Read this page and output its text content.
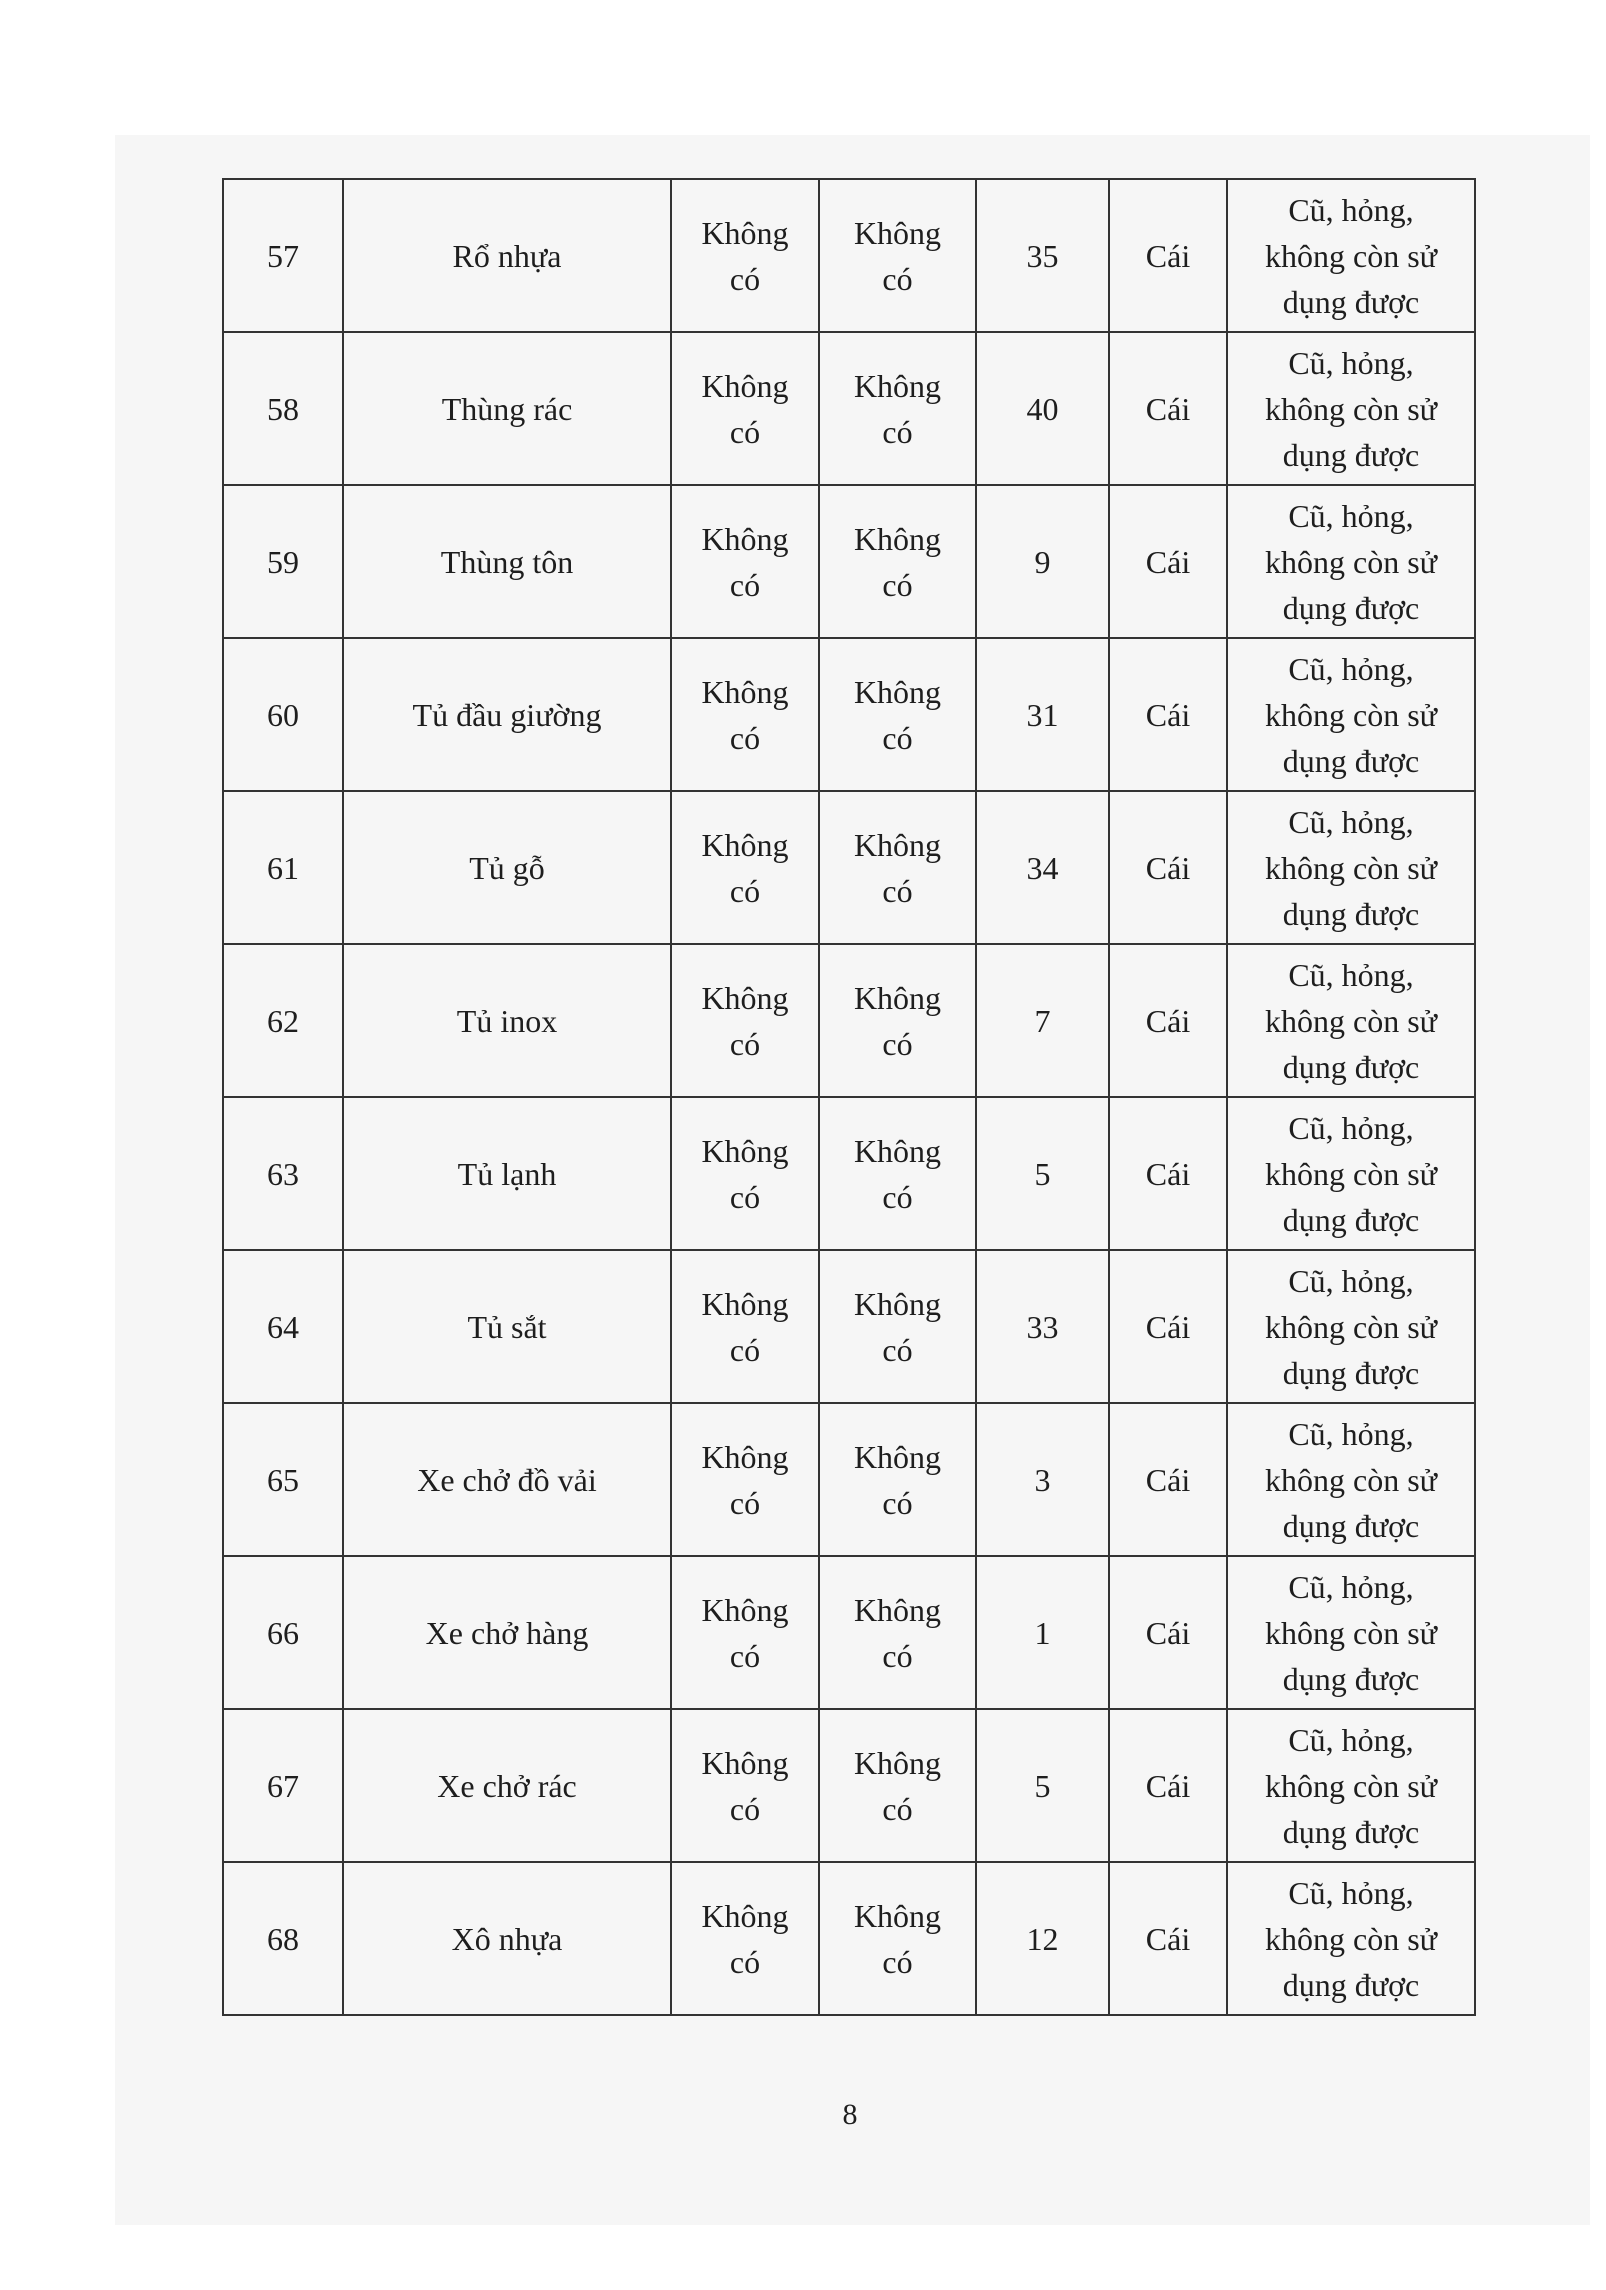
57	Rổ nhựa	Không
có	Không
có	35	Cái	Cũ, hỏng,
không còn sử
dụng được

58	Thùng rác	Không
có	Không
có	40	Cái	Cũ, hỏng,
không còn sử
dụng được

59	Thùng tôn	Không
có	Không
có	9	Cái	Cũ, hỏng,
không còn sử
dụng được

60	Tủ đầu giường	Không
có	Không
có	31	Cái	Cũ, hỏng,
không còn sử
dụng được

61	Tủ gỗ	Không
có	Không
có	34	Cái	Cũ, hỏng,
không còn sử
dụng được

62	Tủ inox	Không
có	Không
có	7	Cái	Cũ, hỏng,
không còn sử
dụng được

63	Tủ lạnh	Không
có	Không
có	5	Cái	Cũ, hỏng,
không còn sử
dụng được

64	Tủ sắt	Không
có	Không
có	33	Cái	Cũ, hỏng,
không còn sử
dụng được

65	Xe chở đồ vải	Không
có	Không
có	3	Cái	Cũ, hỏng,
không còn sử
dụng được

66	Xe chở hàng	Không
có	Không
có	1	Cái	Cũ, hỏng,
không còn sử
dụng được

67	Xe chở rác	Không
có	Không
có	5	Cái	Cũ, hỏng,
không còn sử
dụng được

68	Xô nhựa	Không
có	Không
có	12	Cái	Cũ, hỏng,
không còn sử
dụng được
8
